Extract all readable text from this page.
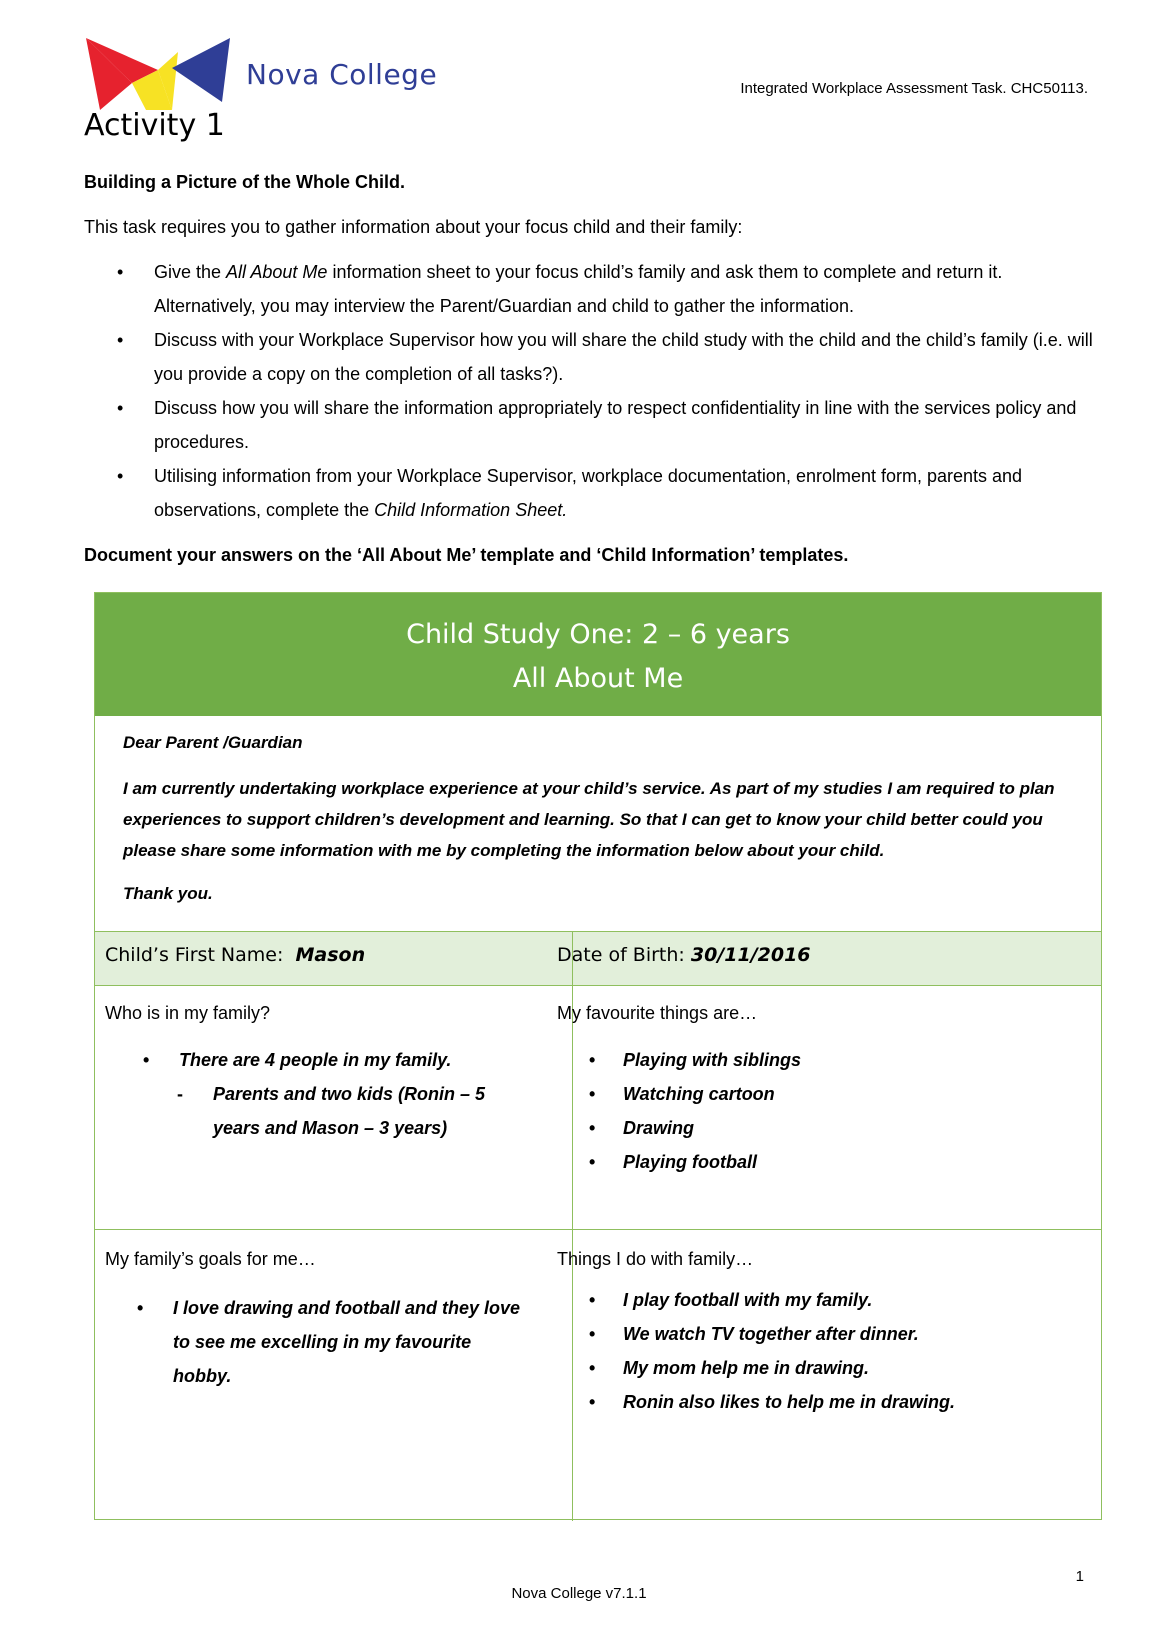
Nova College	Integrated Workplace Assessment Task. CHC50113.
Activity 1
Building a Picture of the Whole Child.
This task requires you to gather information about your focus child and their family:
• Give the All About Me information sheet to your focus child’s family and ask them to complete and return it. Alternatively, you may interview the Parent/Guardian and child to gather the information.
• Discuss with your Workplace Supervisor how you will share the child study with the child and the child’s family (i.e. will you provide a copy on the completion of all tasks?).
• Discuss how you will share the information appropriately to respect confidentiality in line with the services policy and procedures.
• Utilising information from your Workplace Supervisor, workplace documentation, enrolment form, parents and observations, complete the Child Information Sheet.
Document your answers on the ‘All About Me’ template and ‘Child Information’ templates.
Child Study One: 2 – 6 years
All About Me

Dear Parent /Guardian

I am currently undertaking workplace experience at your child’s service. As part of my studies I am required to plan experiences to support children’s development and learning. So that I can get to know your child better could you please share some information with me by completing the information below about your child.

Thank you.

Child’s First Name: Mason	Date of Birth: 30/11/2016
Who is in my family?
• There are 4 people in my family.
- Parents and two kids (Ronin – 5
years and Mason – 3 years)
My favourite things are…
• Playing with siblings
• Watching cartoon
• Drawing
• Playing football
My family’s goals for me…
• I love drawing and football and they love
to see me excelling in my favourite
hobby.
Things I do with family…
• I play football with my family.
• We watch TV together after dinner.
• My mom help me in drawing.
• Ronin also likes to help me in drawing.
1
Nova College v7.1.1
